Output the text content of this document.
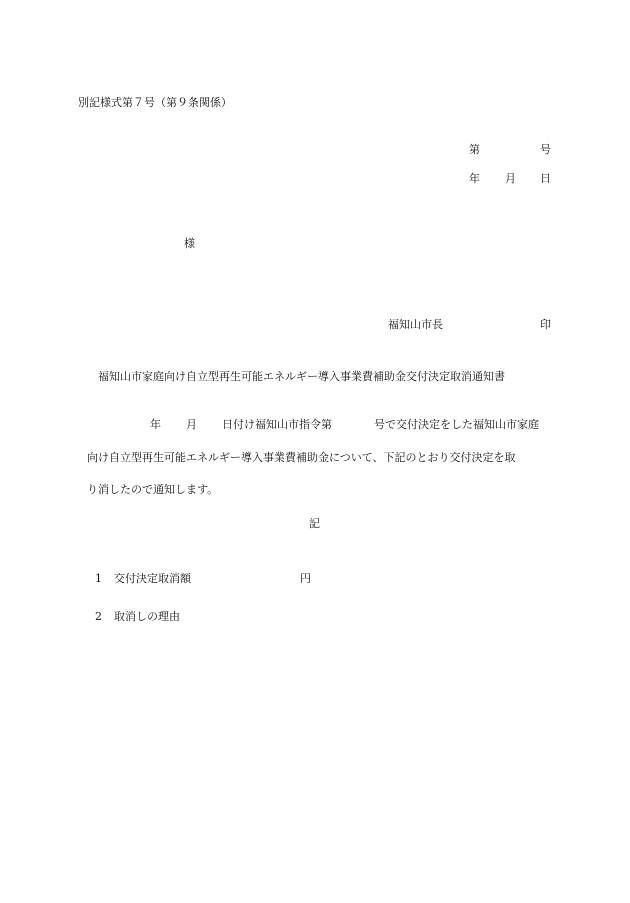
別記様式第７号（第９条関係）
第	号
年 月 日
様
福知山市長	印
福知山市家庭向け自立型再生可能エネルギー導入事業費補助金交付決定取消通知書
年 月 日付け福知山市指令第	号で交付決定をした福知山市家庭
向け自立型再生可能エネルギー導入事業費補助金について、下記のとおり交付決定を取
り消したので通知します。
記
1 交付決定取消額	円
2 取消しの理由
